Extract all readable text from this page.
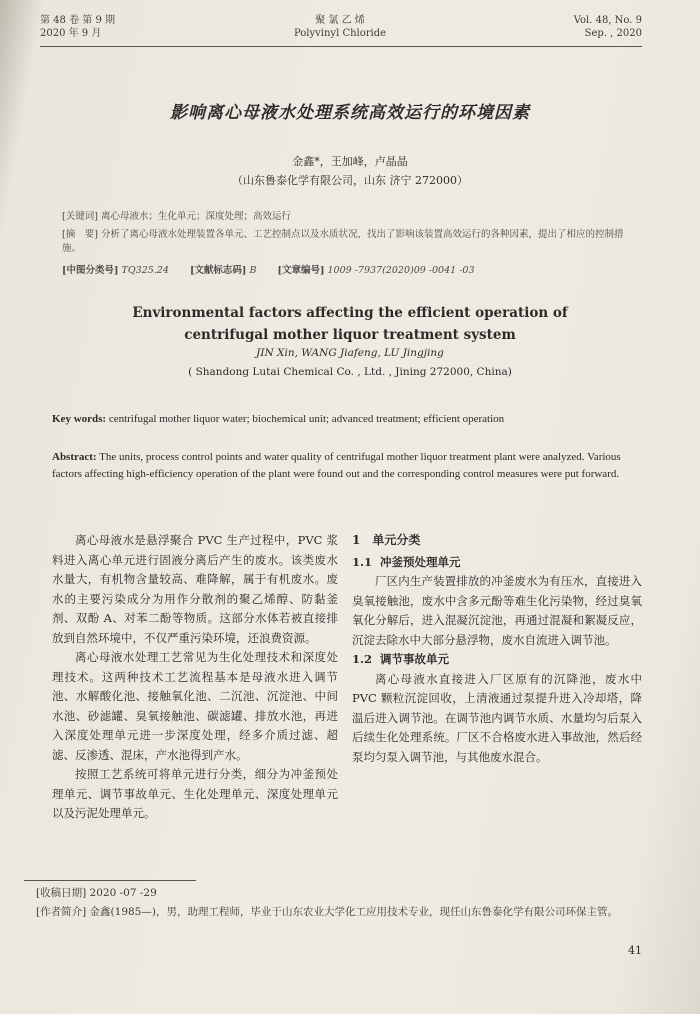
第 48 卷 第 9 期
2020 年 9 月
聚 氯 乙 烯
Polyvinyl Chloride
Vol. 48, No. 9
Sep. , 2020
影响离心母液水处理系统高效运行的环境因素
金鑫*，王加峰，卢晶晶
（山东鲁泰化学有限公司，山东 济宁 272000）
[关键词] 离心母液水；生化单元；深度处理；高效运行
[摘　要] 分析了离心母液水处理装置各单元、工艺控制点以及水质状况，找出了影响该装置高效运行的各种因素，提出了相应的控制措施。
[中图分类号] TQ325.24 [文献标志码] B [文章编号] 1009 -7937(2020)09 -0041 -03
Environmental factors affecting the efficient operation of
centrifugal mother liquor treatment system
JIN Xin, WANG Jiafeng, LU Jingjing
( Shandong Lutai Chemical Co. , Ltd. , Jining 272000, China)
Key words: centrifugal mother liquor water; biochemical unit; advanced treatment; efficient operation
Abstract: The units, process control points and water quality of centrifugal mother liquor treatment plant were analyzed. Various factors affecting high-efficiency operation of the plant were found out and the corresponding control measures were put forward.

离心母液水是悬浮聚合 PVC 生产过程中，PVC 浆料进入离心单元进行固液分离后产生的废水。该类废水水量大，有机物含量较高、难降解，属于有机废水。废水的主要污染成分为用作分散剂的聚乙烯醇、防黏釜剂、双酚 A、对苯二酚等物质。这部分水体若被直接排放到自然环境中，不仅严重污染环境，还浪费资源。

离心母液水处理工艺常见为生化处理技术和深度处理技术。这两种技术工艺流程基本是母液水进入调节池、水解酸化池、接触氧化池、二沉池、沉淀池、中间水池、砂滤罐、臭氧接触池、碳滤罐、排放水池，再进入深度处理单元进一步深度处理，经多介质过滤、超滤、反渗透、混床，产水池得到产水。

按照工艺系统可将单元进行分类，细分为冲釜预处理单元、调节事故单元、生化处理单元、深度处理单元以及污泥处理单元。

1　单元分类
1.1 冲釜预处理单元

厂区内生产装置排放的冲釜废水为有压水，直接进入臭氧接触池，废水中含多元酚等难生化污染物，经过臭氧氧化分解后，进入混凝沉淀池，再通过混凝和絮凝反应，沉淀去除水中大部分悬浮物，废水自流进入调节池。

1.2 调节事故单元

离心母液水直接进入厂区原有的沉降池，废水中 PVC 颗粒沉淀回收，上清液通过泵提升进入冷却塔，降温后进入调节池。在调节池内调节水质、水量均匀后泵入后续生化处理系统。厂区不合格废水进入事故池，然后经泵均匀泵入调节池，与其他废水混合。

[收稿日期] 2020 -07 -29
[作者简介] 金鑫(1985—)，男，助理工程师，毕业于山东农业大学化工应用技术专业，现任山东鲁泰化学有限公司环保主管。
41
